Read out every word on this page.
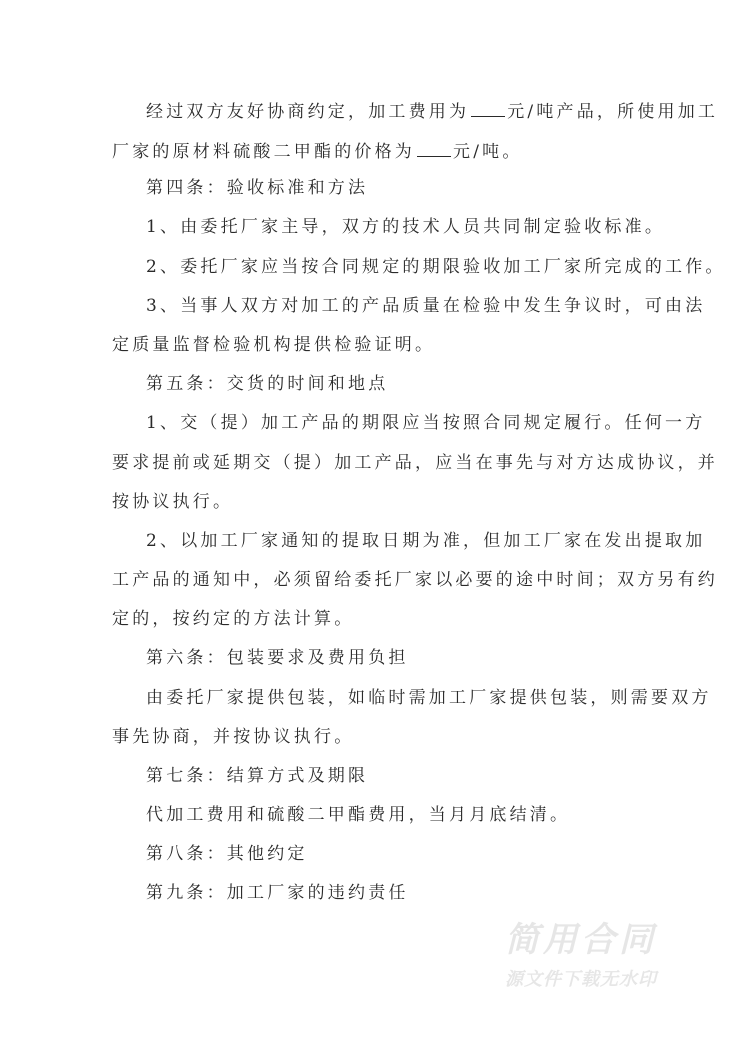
经过双方友好协商约定，加工费用为 元/吨产品，所使用加工
厂家的原材料硫酸二甲酯的价格为 元/吨。
第四条：验收标准和方法
1、由委托厂家主导，双方的技术人员共同制定验收标准。
2、委托厂家应当按合同规定的期限验收加工厂家所完成的工作。
3、当事人双方对加工的产品质量在检验中发生争议时，可由法
定质量监督检验机构提供检验证明。
第五条：交货的时间和地点
1、交（提）加工产品的期限应当按照合同规定履行。任何一方
要求提前或延期交（提）加工产品，应当在事先与对方达成协议，并
按协议执行。
2、以加工厂家通知的提取日期为准，但加工厂家在发出提取加
工产品的通知中，必须留给委托厂家以必要的途中时间；双方另有约
定的，按约定的方法计算。
第六条：包装要求及费用负担
由委托厂家提供包装，如临时需加工厂家提供包装，则需要双方
事先协商，并按协议执行。
第七条：结算方式及期限
代加工费用和硫酸二甲酯费用，当月月底结清。
第八条：其他约定
第九条：加工厂家的违约责任
简用合同
源文件下载无水印
